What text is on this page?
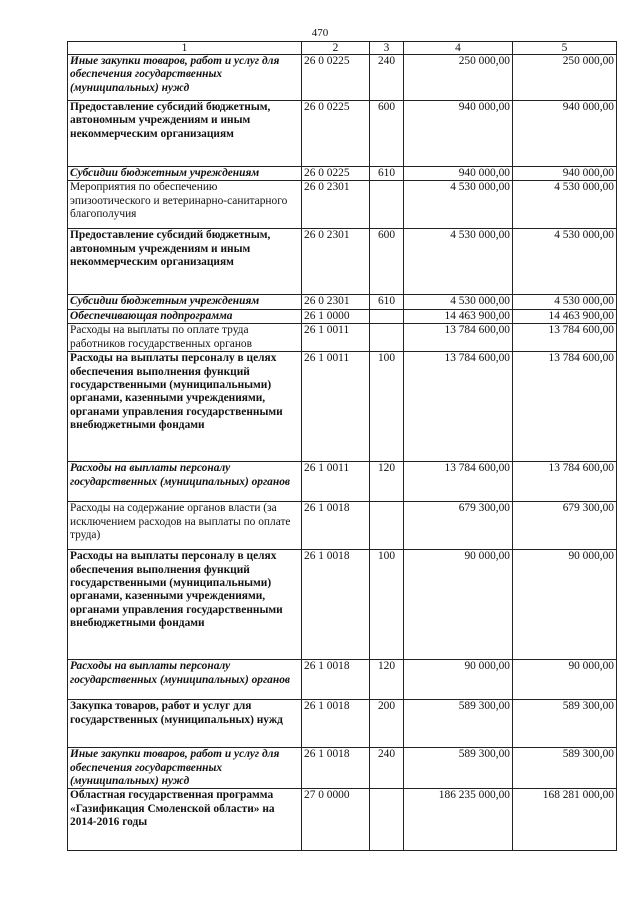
470
1	2	3	4	5
Иные закупки товаров, работ и услуг для обеспечения государственных (муниципальных) нужд	26 0 0225	240	250 000,00	250 000,00
Предоставление субсидий бюджетным, автономным учреждениям и иным некоммерческим организациям	26 0 0225	600	940 000,00	940 000,00
Субсидии бюджетным учреждениям	26 0 0225	610	940 000,00	940 000,00
Мероприятия по обеспечению эпизоотического и ветеринарно-санитарного благополучия	26 0 2301		4 530 000,00	4 530 000,00
Предоставление субсидий бюджетным, автономным учреждениям и иным некоммерческим организациям	26 0 2301	600	4 530 000,00	4 530 000,00
Субсидии бюджетным учреждениям	26 0 2301	610	4 530 000,00	4 530 000,00
Обеспечивающая подпрограмма	26 1 0000		14 463 900,00	14 463 900,00
Расходы на выплаты по оплате труда работников государственных органов	26 1 0011		13 784 600,00	13 784 600,00
Расходы на выплаты персоналу в целях обеспечения выполнения функций государственными (муниципальными) органами, казенными учреждениями, органами управления государственными внебюджетными фондами	26 1 0011	100	13 784 600,00	13 784 600,00
Расходы на выплаты персоналу государственных (муниципальных) органов	26 1 0011	120	13 784 600,00	13 784 600,00
Расходы на содержание органов власти (за исключением расходов на выплаты по оплате труда)	26 1 0018		679 300,00	679 300,00
Расходы на выплаты персоналу в целях обеспечения выполнения функций государственными (муниципальными) органами, казенными учреждениями, органами управления государственными внебюджетными фондами	26 1 0018	100	90 000,00	90 000,00
Расходы на выплаты персоналу государственных (муниципальных) органов	26 1 0018	120	90 000,00	90 000,00
Закупка товаров, работ и услуг для государственных (муниципальных) нужд	26 1 0018	200	589 300,00	589 300,00
Иные закупки товаров, работ и услуг для обеспечения государственных (муниципальных) нужд	26 1 0018	240	589 300,00	589 300,00
Областная государственная программа «Газификация Смоленской области» на 2014-2016 годы	27 0 0000		186 235 000,00	168 281 000,00
